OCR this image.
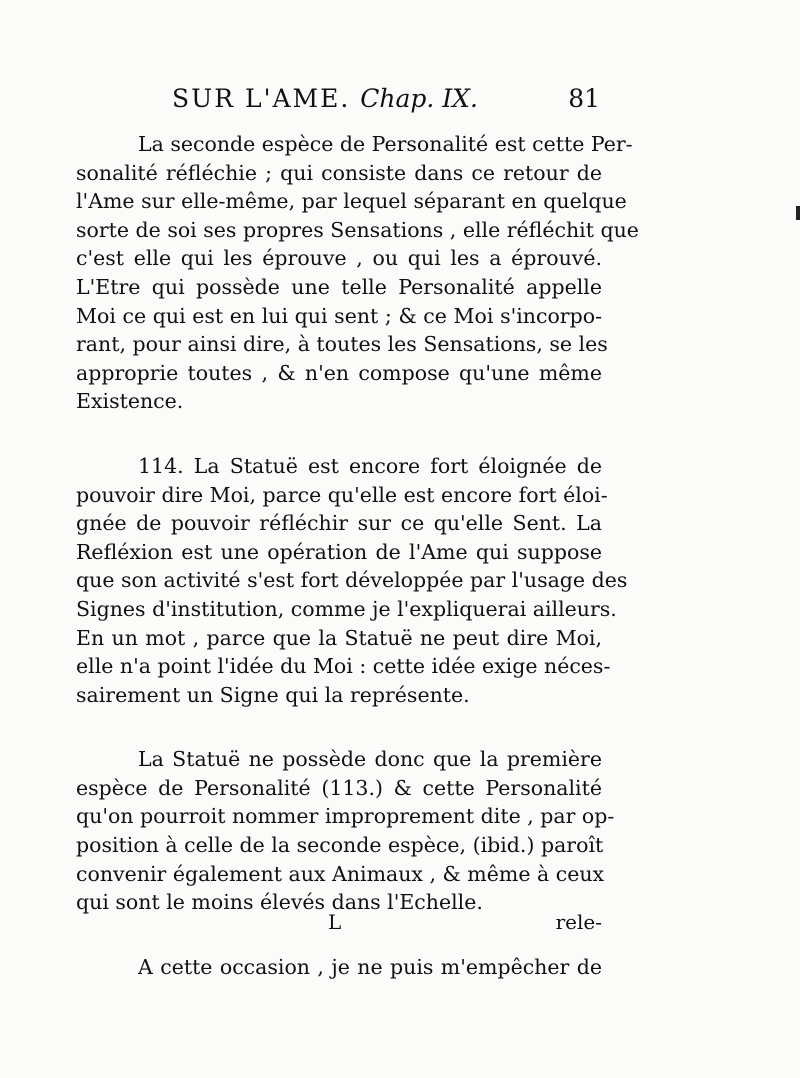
SUR L'AME. Chap. IX.	81
La seconde espèce de Personalité est cette Per-
sonalité réfléchie ; qui consiste dans ce retour de
l'Ame sur elle-même, par lequel séparant en quelque
sorte de soi ses propres Sensations , elle réfléchit que
c'est elle qui les éprouve , ou qui les a éprouvé.
L'Etre qui possède une telle Personalité appelle
Moi ce qui est en lui qui sent ; & ce Moi s'incorpo-
rant, pour ainsi dire, à toutes les Sensations, se les
approprie toutes , & n'en compose qu'une même
Existence.
114. La Statuë est encore fort éloignée de
pouvoir dire Moi, parce qu'elle est encore fort éloi-
gnée de pouvoir réfléchir sur ce qu'elle Sent. La
Refléxion est une opération de l'Ame qui suppose
que son activité s'est fort développée par l'usage des
Signes d'institution, comme je l'expliquerai ailleurs.
En un mot , parce que la Statuë ne peut dire Moi,
elle n'a point l'idée du Moi : cette idée exige néces-
sairement un Signe qui la représente.
La Statuë ne possède donc que la première
espèce de Personalité (113.) & cette Personalité
qu'on pourroit nommer improprement dite , par op-
position à celle de la seconde espèce, (ibid.) paroît
convenir également aux Animaux , & même à ceux
qui sont le moins élevés dans l'Echelle.
A cette occasion , je ne puis m'empêcher de
L	rele-
